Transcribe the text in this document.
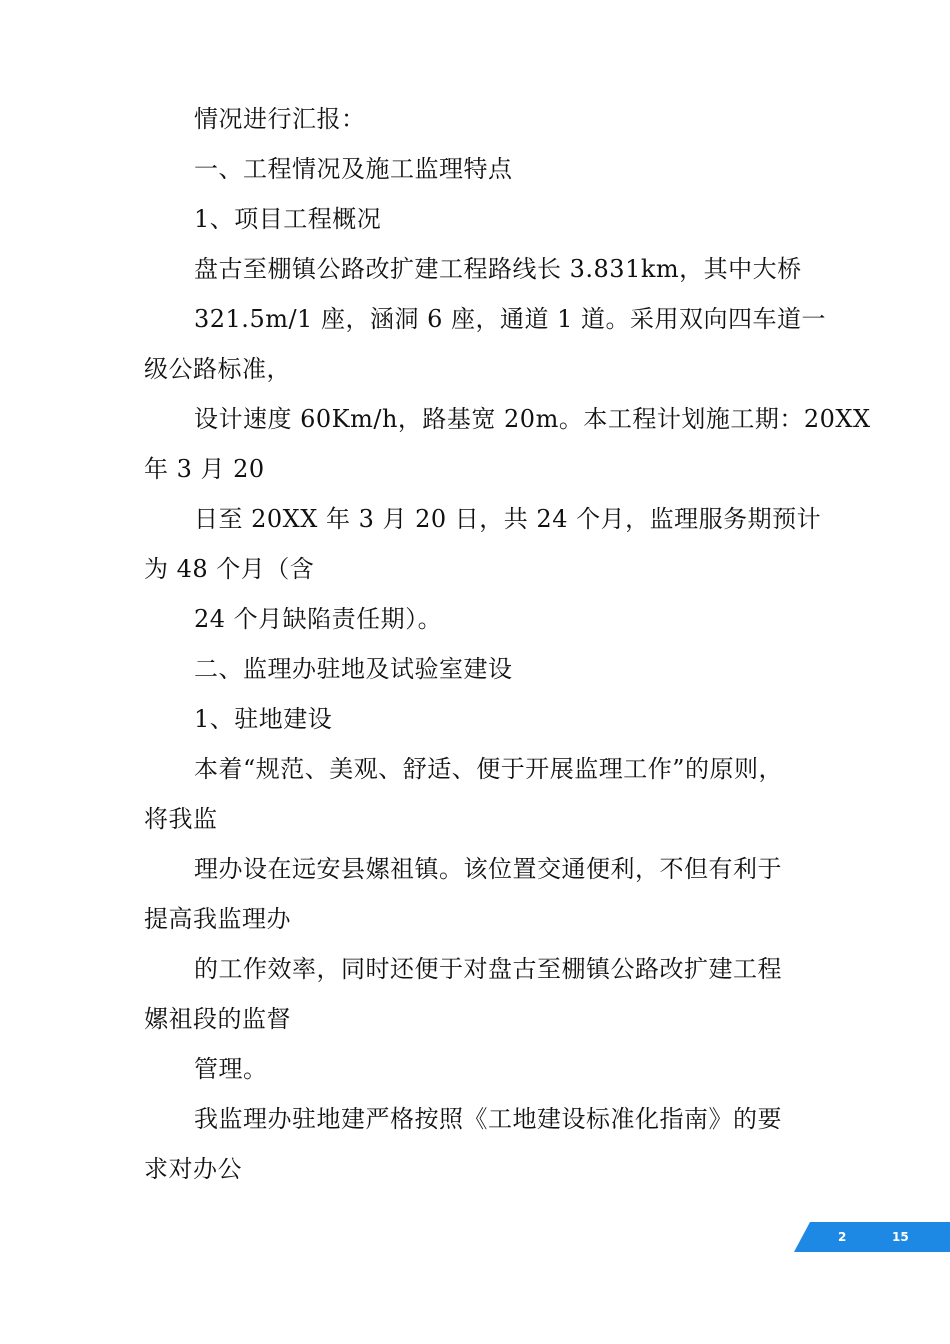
情况进行汇报：
一、工程情况及施工监理特点
1、项目工程概况
盘古至棚镇公路改扩建工程路线长 3.831km，其中大桥
321.5m/1 座，涵洞 6 座，通道 1 道。采用双向四车道一
级公路标准，
设计速度 60Km/h，路基宽 20m。本工程计划施工期：20XX
年 3 月 20
日至 20XX 年 3 月 20 日，共 24 个月，监理服务期预计
为 48 个月（含
24 个月缺陷责任期）。
二、监理办驻地及试验室建设
1、驻地建设
本着“规范、美观、舒适、便于开展监理工作”的原则，
将我监
理办设在远安县嫘祖镇。该位置交通便利，不但有利于
提高我监理办
的工作效率，同时还便于对盘古至棚镇公路改扩建工程
嫘祖段的监督
管理。
我监理办驻地建严格按照《工地建设标准化指南》的要
求对办公
2	15
